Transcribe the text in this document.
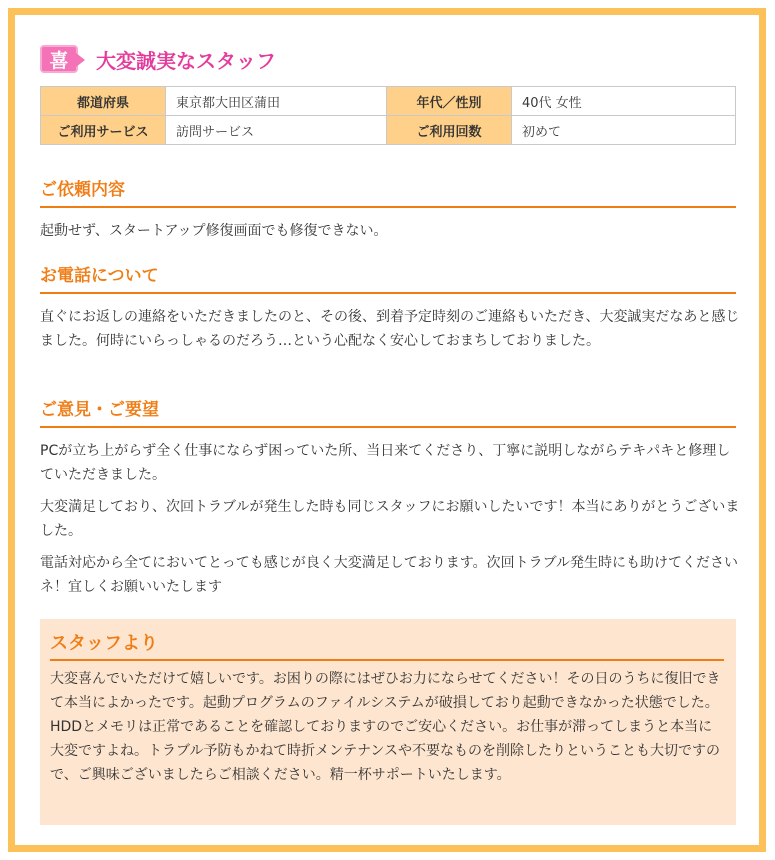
喜 大変誠実なスタッフ
都道府県	東京都大田区蒲田	年代／性別	40代 女性
ご利用サービス	訪問サービス	ご利用回数	初めて
ご依頼内容

起動せず、スタートアップ修復画面でも修復できない。

お電話について

直ぐにお返しの連絡をいただきましたのと、その後、到着予定時刻のご連絡もいただき、大変誠実だなあと感じました。何時にいらっしゃるのだろう…という心配なく安心しておまちしておりました。

ご意見・ご要望

PCが立ち上がらず全く仕事にならず困っていた所、当日来てくださり、丁寧に説明しながらテキパキと修理していただきました。

大変満足しており、次回トラブルが発生した時も同じスタッフにお願いしたいです！本当にありがとうございました。

電話対応から全てにおいてとっても感じが良く大変満足しております。次回トラブル発生時にも助けてくださいネ！宜しくお願いいたします

スタッフより

大変喜んでいただけて嬉しいです。お困りの際にはぜひお力にならせてください！その日のうちに復旧できて本当によかったです。起動プログラムのファイルシステムが破損しており起動できなかった状態でした。HDDとメモリは正常であることを確認しておりますのでご安心ください。お仕事が滞ってしまうと本当に大変ですよね。トラブル予防もかねて時折メンテナンスや不要なものを削除したりということも大切ですので、ご興味ございましたらご相談ください。精一杯サポートいたします。
